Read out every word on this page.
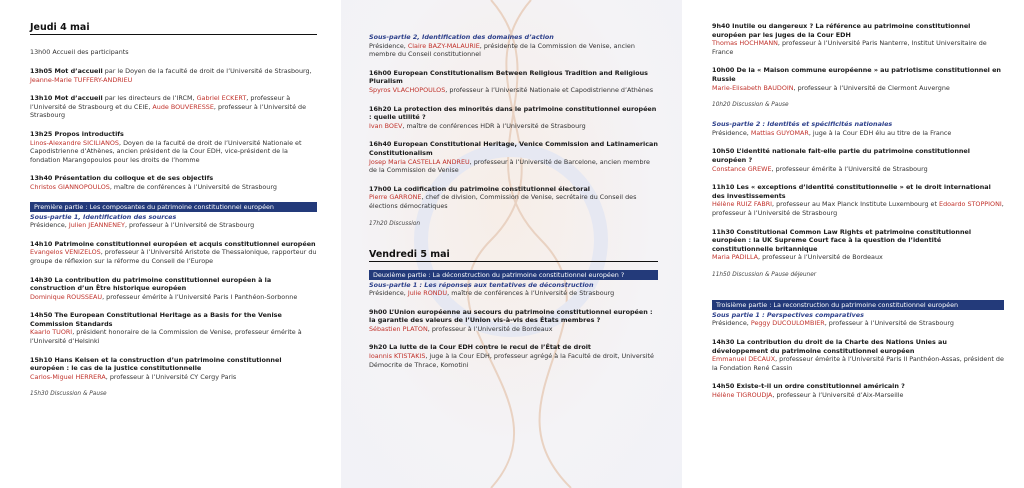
Jeudi 4 mai
13h00 Accueil des participants
13h05 Mot d’accueil par le Doyen de la faculté de droit de l’Université de Strasbourg,
Jeanne-Marie TUFFERY-ANDRIEU
13h10 Mot d’accueil par les directeurs de l’IRCM, Gabriel ECKERT, professeur à l’Université de Strasbourg et du CEIE, Aude BOUVERESSE, professeur à l’Université de Strasbourg
13h25 Propos introductifs
Linos-Alexandre SICILIANOS, Doyen de la faculté de droit de l’Université Nationale et Capodistrienne d’Athènes, ancien président de la Cour EDH, vice-président de la fondation Marangopoulos pour les droits de l’homme
13h40 Présentation du colloque et de ses objectifs
Christos GIANNOPOULOS, maître de conférences à l’Université de Strasbourg
Première partie : Les composantes du patrimoine constitutionnel européen
Sous-partie 1, Identification des sources
Présidence, Julien JEANNENEY, professeur à l’Université de Strasbourg
14h10 Patrimoine constitutionnel européen et acquis constitutionnel européen
Evangelos VENIZELOS, professeur à l’Université Aristote de Thessalonique, rapporteur du groupe de réflexion sur la réforme du Conseil de l’Europe
14h30 La contribution du patrimoine constitutionnel européen à la construction d’un Être historique européen
Dominique ROUSSEAU, professeur émérite à l’Université Paris I Panthéon-Sorbonne
14h50 The European Constitutional Heritage as a Basis for the Venise Commission Standards
Kaarlo TUORI, président honoraire de la Commission de Venise, professeur émérite à l’Université d’Helsinki
15h10 Hans Kelsen et la construction d’un patrimoine constitutionnel européen : le cas de la justice constitutionnelle
Carlos-Miguel HERRERA, professeur à l’Université CY Cergy Paris
15h30 Discussion & Pause
Sous-partie 2, Identification des domaines d’action
Présidence, Claire BAZY-MALAURIE, présidente de la Commission de Venise, ancien membre du Conseil constitutionnel
16h00 European Constitutionalism Between Religious Tradition and Religious Pluralism
Spyros VLACHOPOULOS, professeur à l’Université Nationale et Capodistrienne d’Athènes
16h20 La protection des minorités dans le patrimoine constitutionnel européen : quelle utilité ?
Ivan BOEV, maître de conférences HDR à l’Université de Strasbourg
16h40 European Constitutional Heritage, Venice Commission and Latinamerican Constitutionalism
Josep Maria CASTELLA ANDREU, professeur à l’Université de Barcelone, ancien membre de la Commission de Venise
17h00 La codification du patrimoine constitutionnel électoral
Pierre GARRONE, chef de division, Commission de Venise, secrétaire du Conseil des élections démocratiques
17h20 Discussion
Vendredi 5 mai
Deuxième partie : La déconstruction du patrimoine constitutionnel européen ?
Sous-partie 1 : Les réponses aux tentatives de déconstruction
Présidence, Julie RONDU, maître de conférences à l’Université de Strasbourg
9h00 L’Union européenne au secours du patrimoine constitutionnel européen : la garantie des valeurs de l’Union vis-à-vis des États membres ?
Sébastien PLATON, professeur à l’Université de Bordeaux
9h20 La lutte de la Cour EDH contre le recul de l’État de droit
Ioannis KTISTAKIS, juge à la Cour EDH, professeur agrégé à la Faculté de droit, Université Démocrite de Thrace, Komotini
9h40 Inutile ou dangereux ? La référence au patrimoine constitutionnel européen par les juges de la Cour EDH
Thomas HOCHMANN, professeur à l’Université Paris Nanterre, Institut Universitaire de France
10h00 De la « Maison commune européenne » au patriotisme constitutionnel en Russie
Marie-Elisabeth BAUDOIN, professeur à l’Université de Clermont Auvergne
10h20 Discussion & Pause
Sous-partie 2 : Identités et spécificités nationales
Présidence, Mattias GUYOMAR, juge à la Cour EDH élu au titre de la France
10h50 L’identité nationale fait-elle partie du patrimoine constitutionnel européen ?
Constance GREWE, professeur émérite à l’Université de Strasbourg
11h10 Les « exceptions d’identité constitutionnelle » et le droit international des investissements
Hélène RUIZ FABRI, professeur au Max Planck Institute Luxembourg et Edoardo STOPPIONI, professeur à l’Université de Strasbourg
11h30 Constitutional Common Law Rights et patrimoine constitutionnel européen : la UK Supreme Court face à la question de l’identité constitutionnelle britannique
Maria PADILLA, professeur à l’Université de Bordeaux
11h50 Discussion & Pause déjeuner
Troisième partie : La reconstruction du patrimoine constitutionnel européen
Sous partie 1 : Perspectives comparatives
Présidence, Peggy DUCOULOMBIER, professeur à l’Université de Strasbourg
14h30 La contribution du droit de la Charte des Nations Unies au développement du patrimoine constitutionnel européen
Emmanuel DECAUX, professeur émérite à l’Université Paris II Panthéon-Assas, président de la Fondation René Cassin
14h50 Existe-t-il un ordre constitutionnel américain ?
Hélène TIGROUDJA, professeur à l’Université d’Aix-Marseille
